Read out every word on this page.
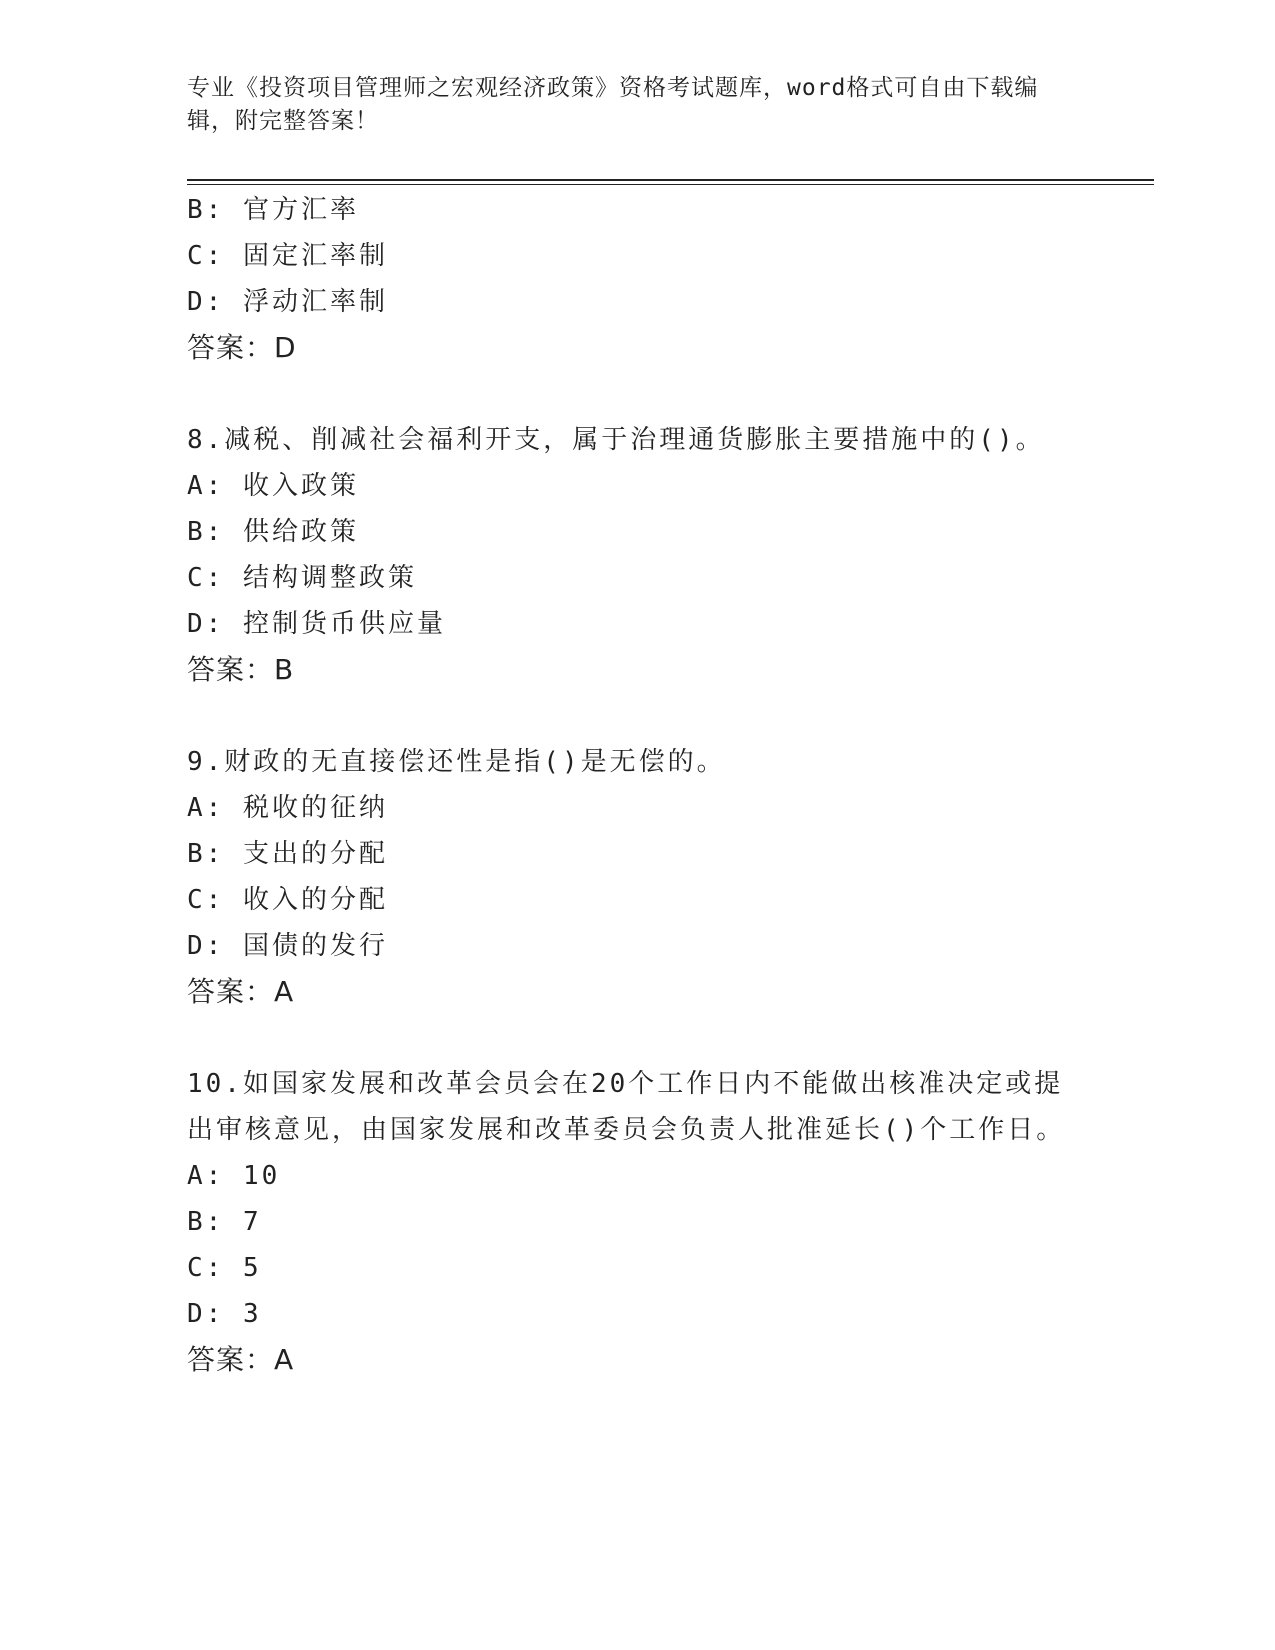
专业《投资项目管理师之宏观经济政策》资格考试题库，word格式可自由下载编
辑，附完整答案！
B: 官方汇率
C: 固定汇率制
D: 浮动汇率制
答案：D
8.减税、削减社会福利开支，属于治理通货膨胀主要措施中的()。
A: 收入政策
B: 供给政策
C: 结构调整政策
D: 控制货币供应量
答案：B
9.财政的无直接偿还性是指()是无偿的。
A: 税收的征纳
B: 支出的分配
C: 收入的分配
D: 国债的发行
答案：A
10.如国家发展和改革会员会在20个工作日内不能做出核准决定或提
出审核意见，由国家发展和改革委员会负责人批准延长()个工作日。
A: 10
B: 7
C: 5
D: 3
答案：A
